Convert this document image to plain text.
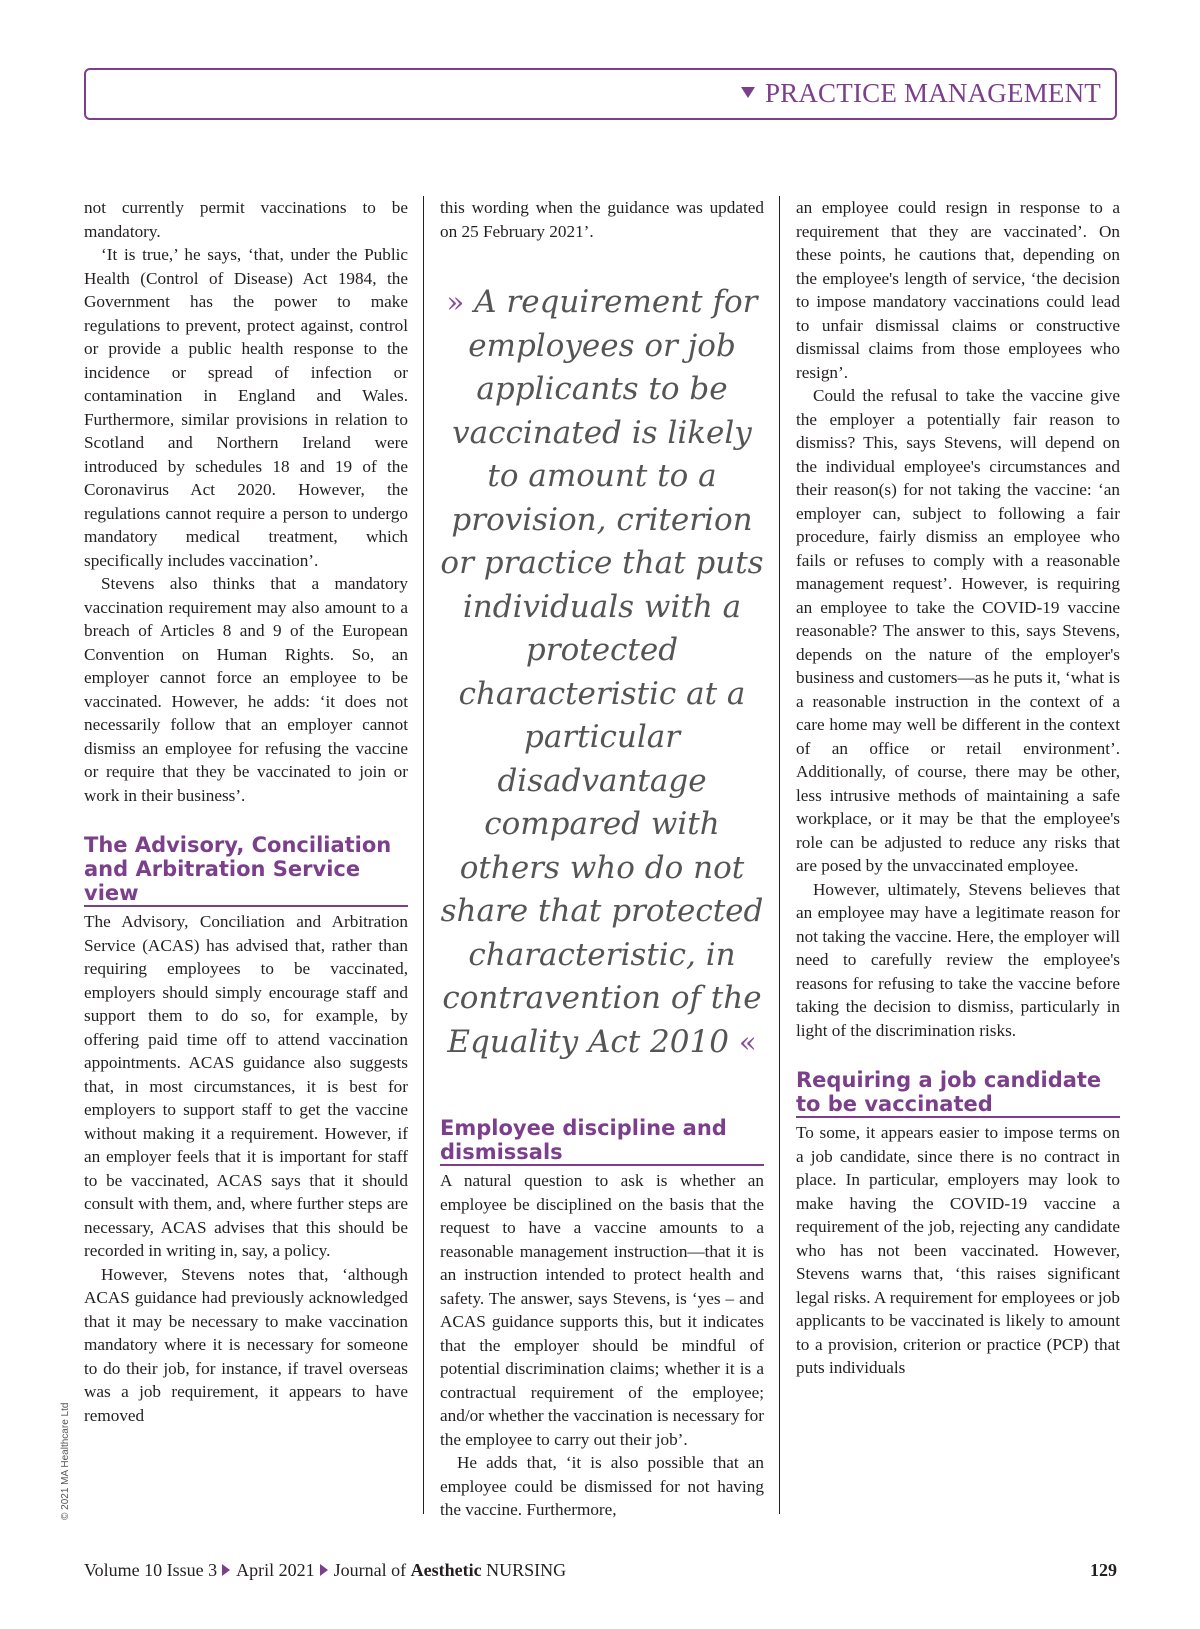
PRACTICE MANAGEMENT

not currently permit vaccinations to be mandatory.

‘It is true,’ he says, ‘that, under the Public Health (Control of Disease) Act 1984, the Government has the power to make regulations to prevent, protect against, control or provide a public health response to the incidence or spread of infection or contamination in England and Wales. Furthermore, similar provisions in relation to Scotland and Northern Ireland were introduced by schedules 18 and 19 of the Coronavirus Act 2020. However, the regulations cannot require a person to undergo mandatory medical treatment, which specifically includes vaccination’.

Stevens also thinks that a mandatory vaccination requirement may also amount to a breach of Articles 8 and 9 of the European Convention on Human Rights. So, an employer cannot force an employee to be vaccinated. However, he adds: ‘it does not necessarily follow that an employer cannot dismiss an employee for refusing the vaccine or require that they be vaccinated to join or work in their business’.

The Advisory, Conciliation and Arbitration Service view

The Advisory, Conciliation and Arbitration Service (ACAS) has advised that, rather than requiring employees to be vaccinated, employers should simply encourage staff and support them to do so, for example, by offering paid time off to attend vaccination appointments. ACAS guidance also suggests that, in most circumstances, it is best for employers to support staff to get the vaccine without making it a requirement. However, if an employer feels that it is important for staff to be vaccinated, ACAS says that it should consult with them, and, where further steps are necessary, ACAS advises that this should be recorded in writing in, say, a policy.

However, Stevens notes that, ‘although ACAS guidance had previously acknowledged that it may be necessary to make vaccination mandatory where it is necessary for someone to do their job, for instance, if travel overseas was a job requirement, it appears to have removed

this wording when the guidance was updated on 25 February 2021’.

» A requirement for employees or job applicants to be vaccinated is likely to amount to a provision, criterion or practice that puts individuals with a protected characteristic at a particular disadvantage compared with others who do not share that protected characteristic, in contravention of the Equality Act 2010 «
Employee discipline and dismissals

A natural question to ask is whether an employee be disciplined on the basis that the request to have a vaccine amounts to a reasonable management instruction—that it is an instruction intended to protect health and safety. The answer, says Stevens, is ‘yes – and ACAS guidance supports this, but it indicates that the employer should be mindful of potential discrimination claims; whether it is a contractual requirement of the employee; and/or whether the vaccination is necessary for the employee to carry out their job’.

He adds that, ‘it is also possible that an employee could be dismissed for not having the vaccine. Furthermore,

an employee could resign in response to a requirement that they are vaccinated’. On these points, he cautions that, depending on the employee's length of service, ‘the decision to impose mandatory vaccinations could lead to unfair dismissal claims or constructive dismissal claims from those employees who resign’.

Could the refusal to take the vaccine give the employer a potentially fair reason to dismiss? This, says Stevens, will depend on the individual employee's circumstances and their reason(s) for not taking the vaccine: ‘an employer can, subject to following a fair procedure, fairly dismiss an employee who fails or refuses to comply with a reasonable management request’. However, is requiring an employee to take the COVID-19 vaccine reasonable? The answer to this, says Stevens, depends on the nature of the employer's business and customers—as he puts it, ‘what is a reasonable instruction in the context of a care home may well be different in the context of an office or retail environment’. Additionally, of course, there may be other, less intrusive methods of maintaining a safe workplace, or it may be that the employee's role can be adjusted to reduce any risks that are posed by the unvaccinated employee.

However, ultimately, Stevens believes that an employee may have a legitimate reason for not taking the vaccine. Here, the employer will need to carefully review the employee's reasons for refusing to take the vaccine before taking the decision to dismiss, particularly in light of the discrimination risks.

Requiring a job candidate to be vaccinated

To some, it appears easier to impose terms on a job candidate, since there is no contract in place. In particular, employers may look to make having the COVID-19 vaccine a requirement of the job, rejecting any candidate who has not been vaccinated. However, Stevens warns that, ‘this raises significant legal risks. A requirement for employees or job applicants to be vaccinated is likely to amount to a provision, criterion or practice (PCP) that puts individuals

© 2021 MA Healthcare Ltd
Volume 10 Issue 3 April 2021 Journal of Aesthetic NURSING	129
